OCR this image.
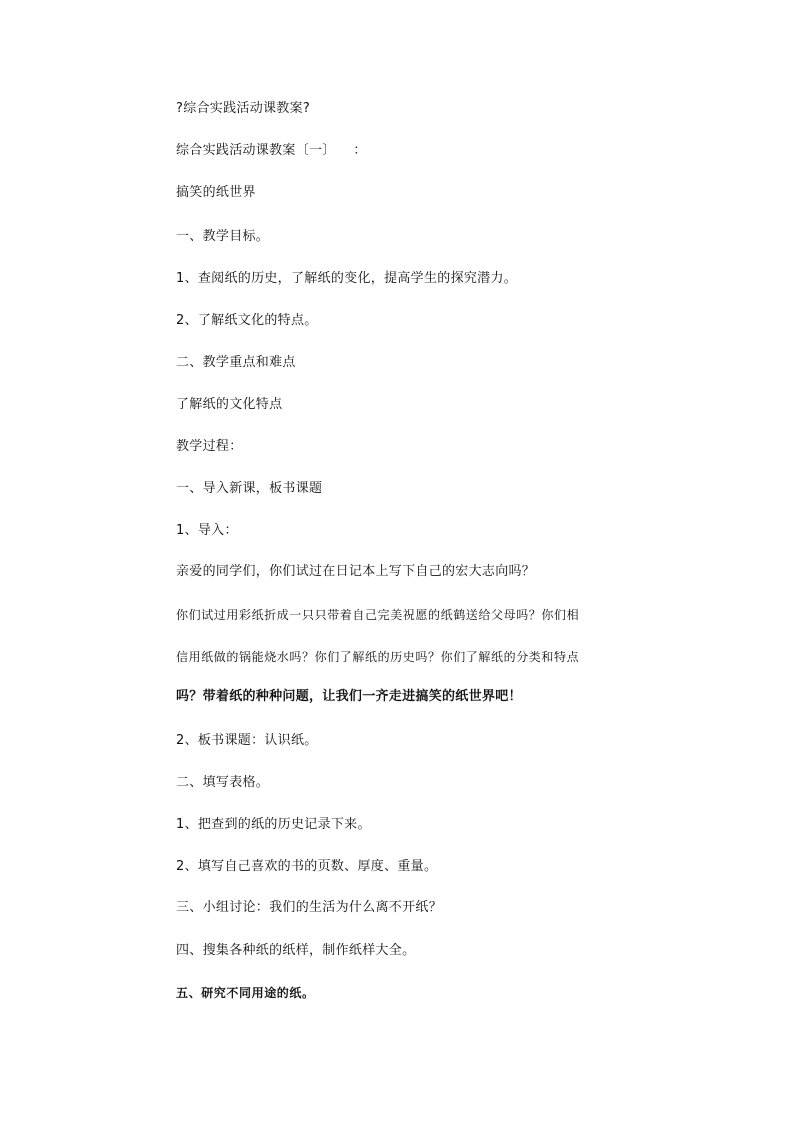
?综合实践活动课教案?
综合实践活动课教案〔一〕 　：
搞笑的纸世界
一、教学目标。
1、查阅纸的历史，了解纸的变化，提高学生的探究潜力。
2、了解纸文化的特点。
二、教学重点和难点
了解纸的文化特点
教学过程：
一、导入新课，板书课题
1、导入：
亲爱的同学们，你们试过在日记本上写下自己的宏大志向吗？
你们试过用彩纸折成一只只带着自己完美祝愿的纸鹤送给父母吗？你们相
信用纸做的锅能烧水吗？你们了解纸的历史吗？你们了解纸的分类和特点
吗？带着纸的种种问题，让我们一齐走进搞笑的纸世界吧！
2、板书课题：认识纸。
二、填写表格。
1、把查到的纸的历史记录下来。
2、填写自己喜欢的书的页数、厚度、重量。
三、小组讨论：我们的生活为什么离不开纸？
四、搜集各种纸的纸样，制作纸样大全。
五、研究不同用途的纸。
